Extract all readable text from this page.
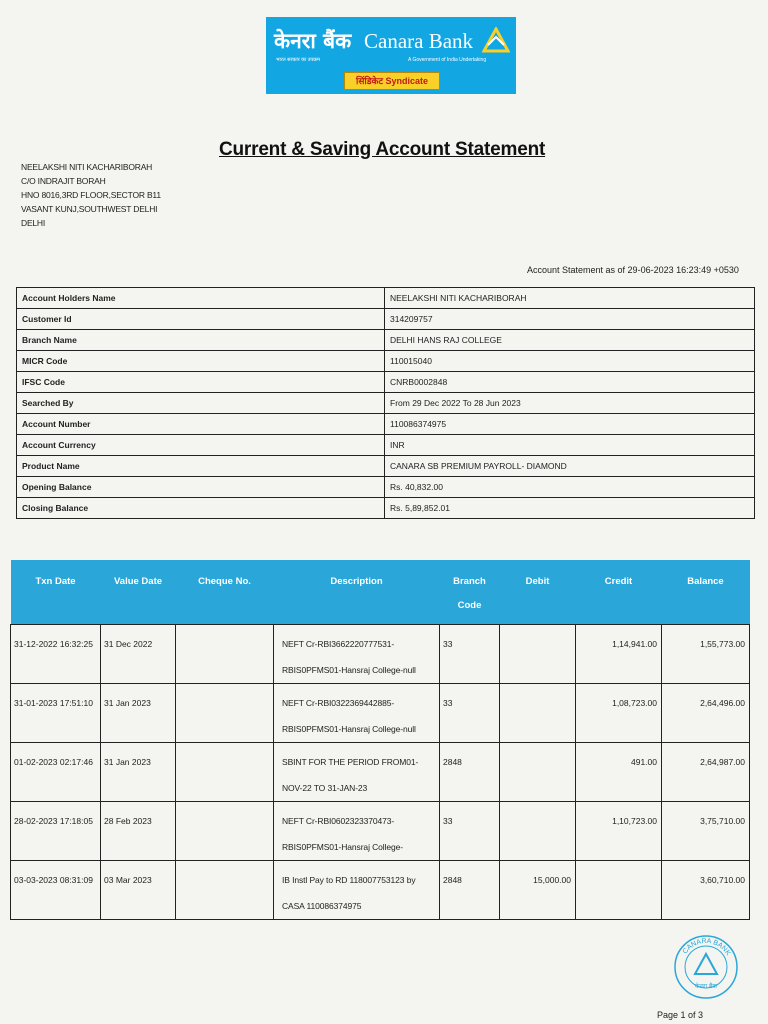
केनरा बैंक Canara Bank
भारत सरकार का उपक्रम	A Government of India Undertaking
सिंडिकेट Syndicate
Current & Saving Account Statement
NEELAKSHI NITI KACHARIBORAH
C/O INDRAJIT BORAH
HNO 8016,3RD FLOOR,SECTOR B11
VASANT KUNJ,SOUTHWEST DELHI
DELHI
Account Statement as of 29-06-2023 16:23:49 +0530
Account Holders Name	NEELAKSHI NITI KACHARIBORAH
Customer Id	314209757
Branch Name	DELHI HANS RAJ COLLEGE
MICR Code	110015040
IFSC Code	CNRB0002848
Searched By	From 29 Dec 2022 To 28 Jun 2023
Account Number	110086374975
Account Currency	INR
Product Name	CANARA SB PREMIUM PAYROLL- DIAMOND
Opening Balance	Rs. 40,832.00
Closing Balance	Rs. 5,89,852.01
Txn Date	Value Date	Cheque No.	Description	Branch Code	Debit	Credit	Balance
31-12-2022 16:32:25	31 Dec 2022		NEFT Cr-RBI3662220777531-RBIS0PFMS01-Hansraj College-null	33		1,14,941.00	1,55,773.00
31-01-2023 17:51:10	31 Jan 2023		NEFT Cr-RBI0322369442885-RBIS0PFMS01-Hansraj College-null	33		1,08,723.00	2,64,496.00
01-02-2023 02:17:46	31 Jan 2023		SBINT FOR THE PERIOD FROM01-NOV-22 TO 31-JAN-23	2848		491.00	2,64,987.00
28-02-2023 17:18:05	28 Feb 2023		NEFT Cr-RBI0602323370473-RBIS0PFMS01-Hansraj College-	33		1,10,723.00	3,75,710.00
03-03-2023 08:31:09	03 Mar 2023		IB Instl Pay to RD 118007753123 by CASA 110086374975	2848	15,000.00		3,60,710.00
CANARA BANK
केनरा बैंक
Page 1 of 3
